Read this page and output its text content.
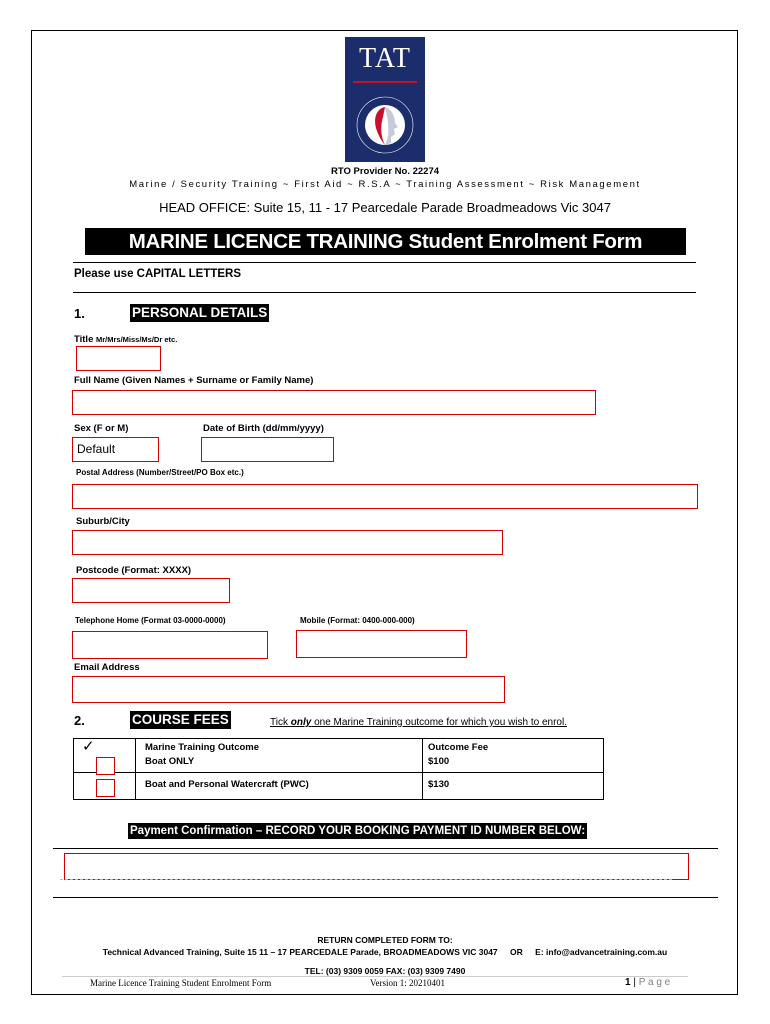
TAT
RTO Provider No. 22274
Marine / Security Training ~ First Aid ~ R.S.A ~ Training Assessment ~ Risk Management
HEAD OFFICE: Suite 15, 11 - 17 Pearcedale Parade Broadmeadows Vic 3047
MARINE LICENCE TRAINING Student Enrolment Form
Please use CAPITAL LETTERS
1.	PERSONAL DETAILS
Title Mr/Mrs/Miss/Ms/Dr etc.
Full Name (Given Names + Surname or Family Name)
Sex (F or M)	Date of Birth (dd/mm/yyyy)
Default
Postal Address (Number/Street/PO Box etc.)
Suburb/City
Postcode (Format: XXXX)
Telephone Home (Format 03-0000-0000)	Mobile (Format: 0400-000-000)
Email Address
2.	COURSE FEES	Tick only one Marine Training outcome for which you wish to enrol.
✓	Marine Training Outcome	Outcome Fee
Boat ONLY	$100
Boat and Personal Watercraft (PWC)	$130
Payment Confirmation – RECORD YOUR BOOKING PAYMENT ID NUMBER BELOW:
RETURN COMPLETED FORM TO:
Technical Advanced Training, Suite 15 11 – 17 PEARCEDALE Parade, BROADMEADOWS VIC 3047 OR E: info@advancetraining.com.au
TEL: (03) 9309 0059 FAX: (03) 9309 7490
Marine Licence Training Student Enrolment Form	Version 1: 20210401	1 | P a g e
